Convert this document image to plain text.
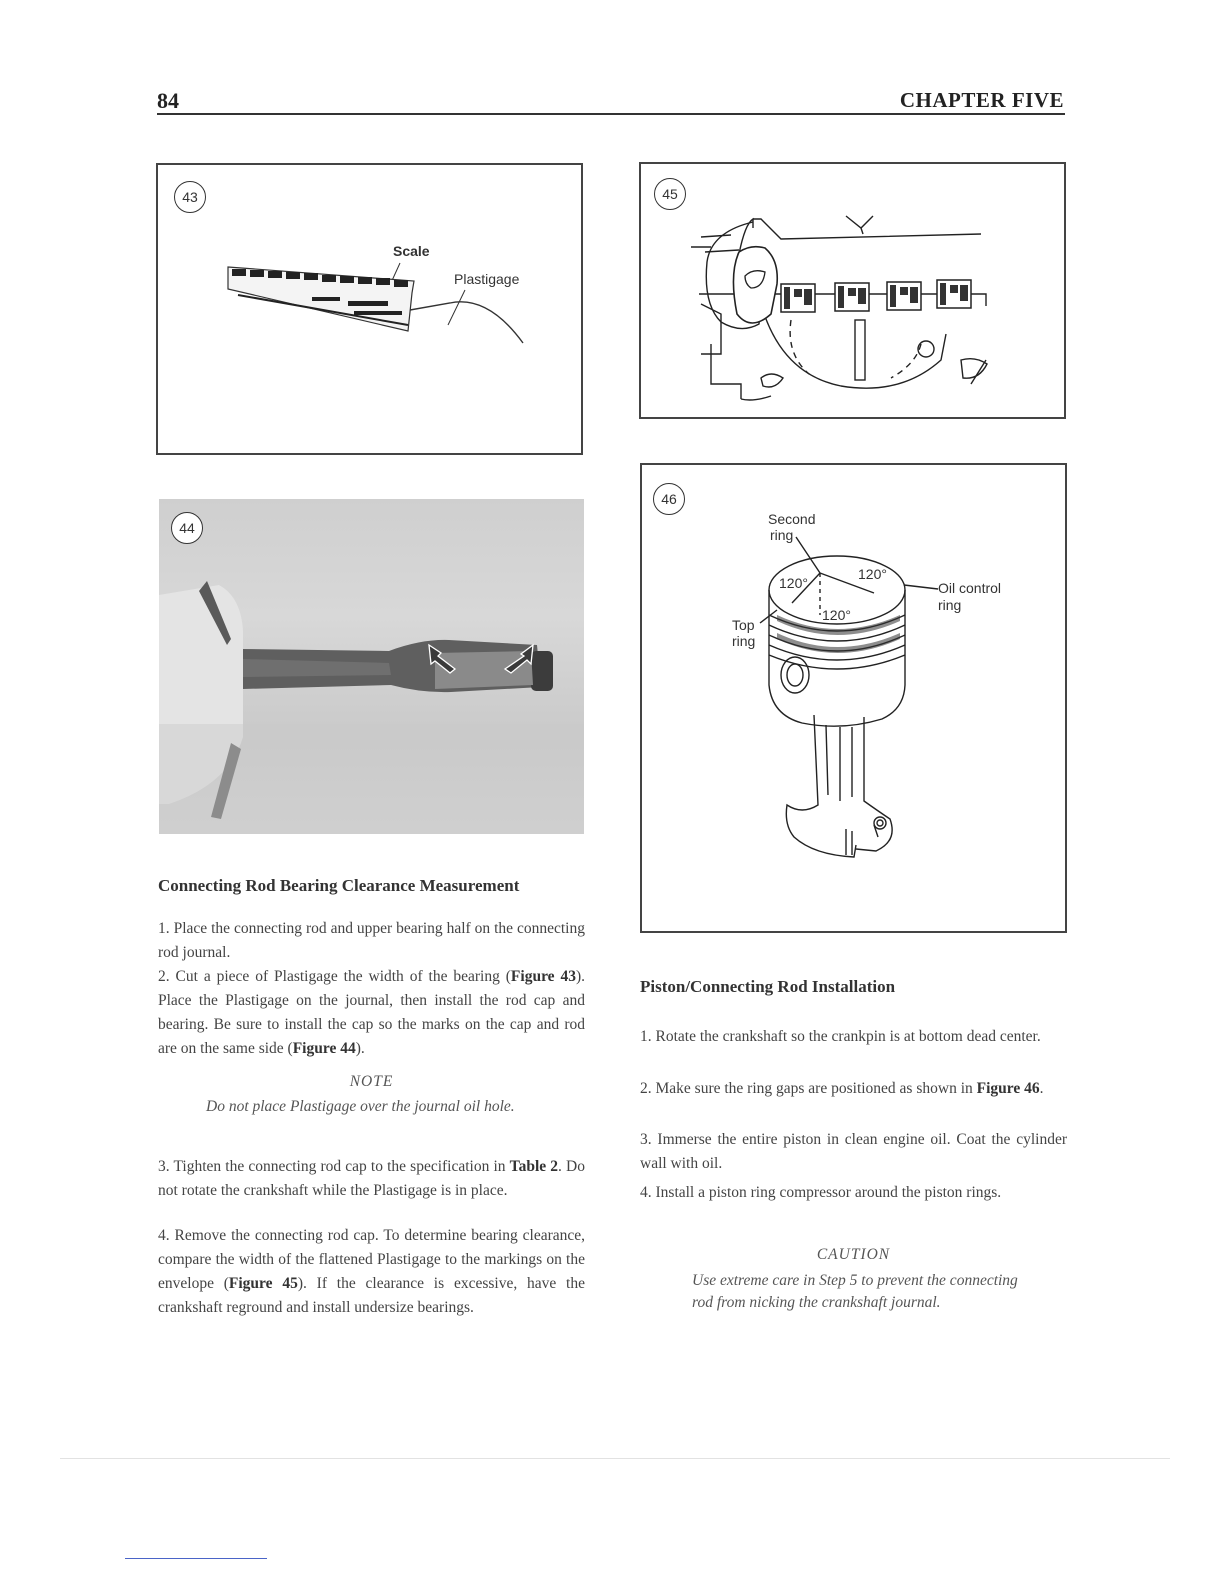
84	CHAPTER FIVE
43
Scale
Plastigage
44
Connecting Rod Bearing Clearance Measurement
1. Place the connecting rod and upper bearing half on the connecting rod journal.
2. Cut a piece of Plastigage the width of the bearing (Figure 43). Place the Plastigage on the journal, then install the rod cap and bearing. Be sure to install the cap so the marks on the cap and rod are on the same side (Figure 44).
NOTE
Do not place Plastigage over the journal oil hole.
3. Tighten the connecting rod cap to the specification in Table 2. Do not rotate the crankshaft while the Plastigage is in place.
4. Remove the connecting rod cap. To determine bearing clearance, compare the width of the flattened Plastigage to the markings on the envelope (Figure 45). If the clearance is excessive, have the crankshaft reground and install undersize bearings.
45
46
Second
ring
Oil control
ring
Top
ring
120°
120°
120°
Piston/Connecting Rod Installation
1. Rotate the crankshaft so the crankpin is at bottom dead center.
2. Make sure the ring gaps are positioned as shown in Figure 46.
3. Immerse the entire piston in clean engine oil. Coat the cylinder wall with oil.
4. Install a piston ring compressor around the piston rings.
CAUTION
Use extreme care in Step 5 to prevent the connecting rod from nicking the crankshaft journal.
